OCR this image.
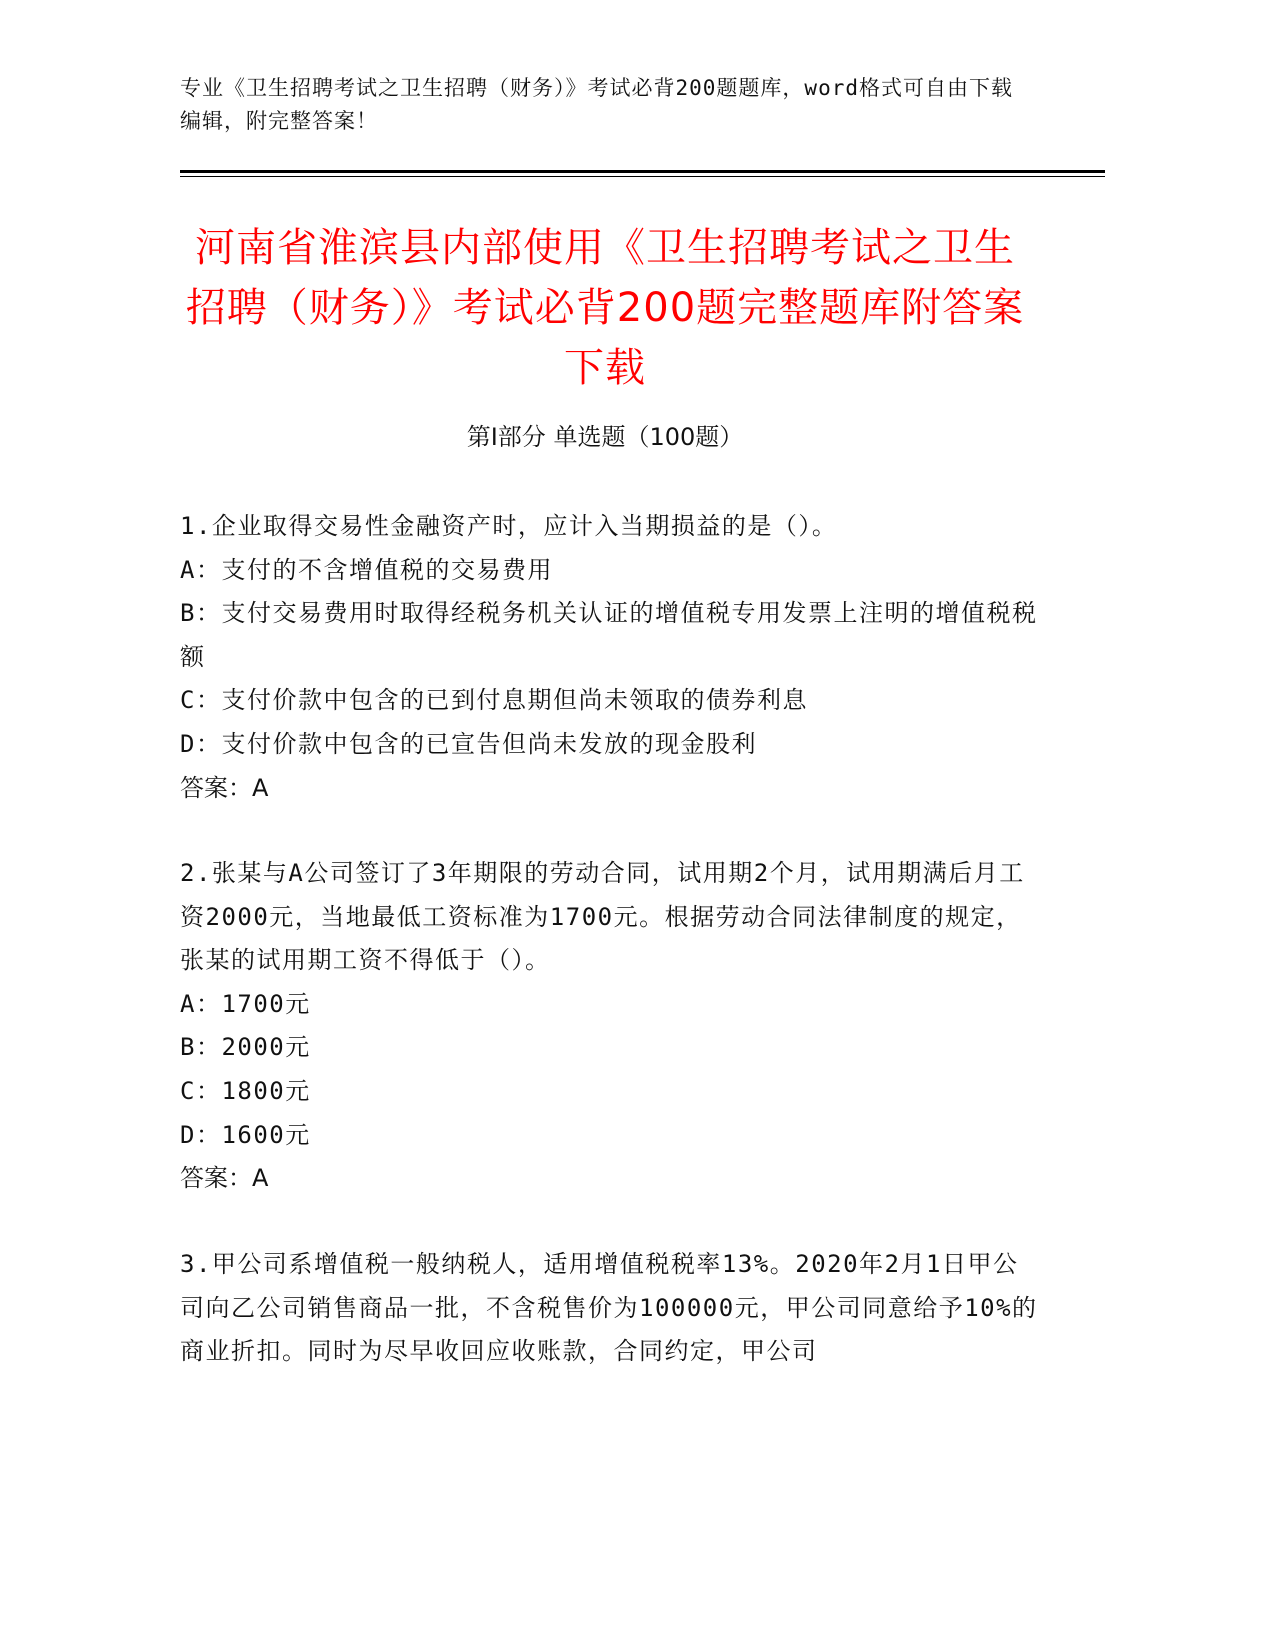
专业《卫生招聘考试之卫生招聘（财务）》考试必背200题题库，word格式可自由下载编辑，附完整答案！
河南省淮滨县内部使用《卫生招聘考试之卫生招聘（财务）》考试必背200题完整题库附答案下载
第I部分 单选题（100题）

1.企业取得交易性金融资产时，应计入当期损益的是（）。

A：支付的不含增值税的交易费用

B：支付交易费用时取得经税务机关认证的增值税专用发票上注明的增值税税额

C：支付价款中包含的已到付息期但尚未领取的债券利息

D：支付价款中包含的已宣告但尚未发放的现金股利

答案：A

2.张某与A公司签订了3年期限的劳动合同，试用期2个月，试用期满后月工资2000元，当地最低工资标准为1700元。根据劳动合同法律制度的规定，张某的试用期工资不得低于（）。

A：1700元

B：2000元

C：1800元

D：1600元

答案：A

3.甲公司系增值税一般纳税人，适用增值税税率13%。2020年2月1日甲公司向乙公司销售商品一批，不含税售价为100000元，甲公司同意给予10%的商业折扣。同时为尽早收回应收账款，合同约定，甲公司
